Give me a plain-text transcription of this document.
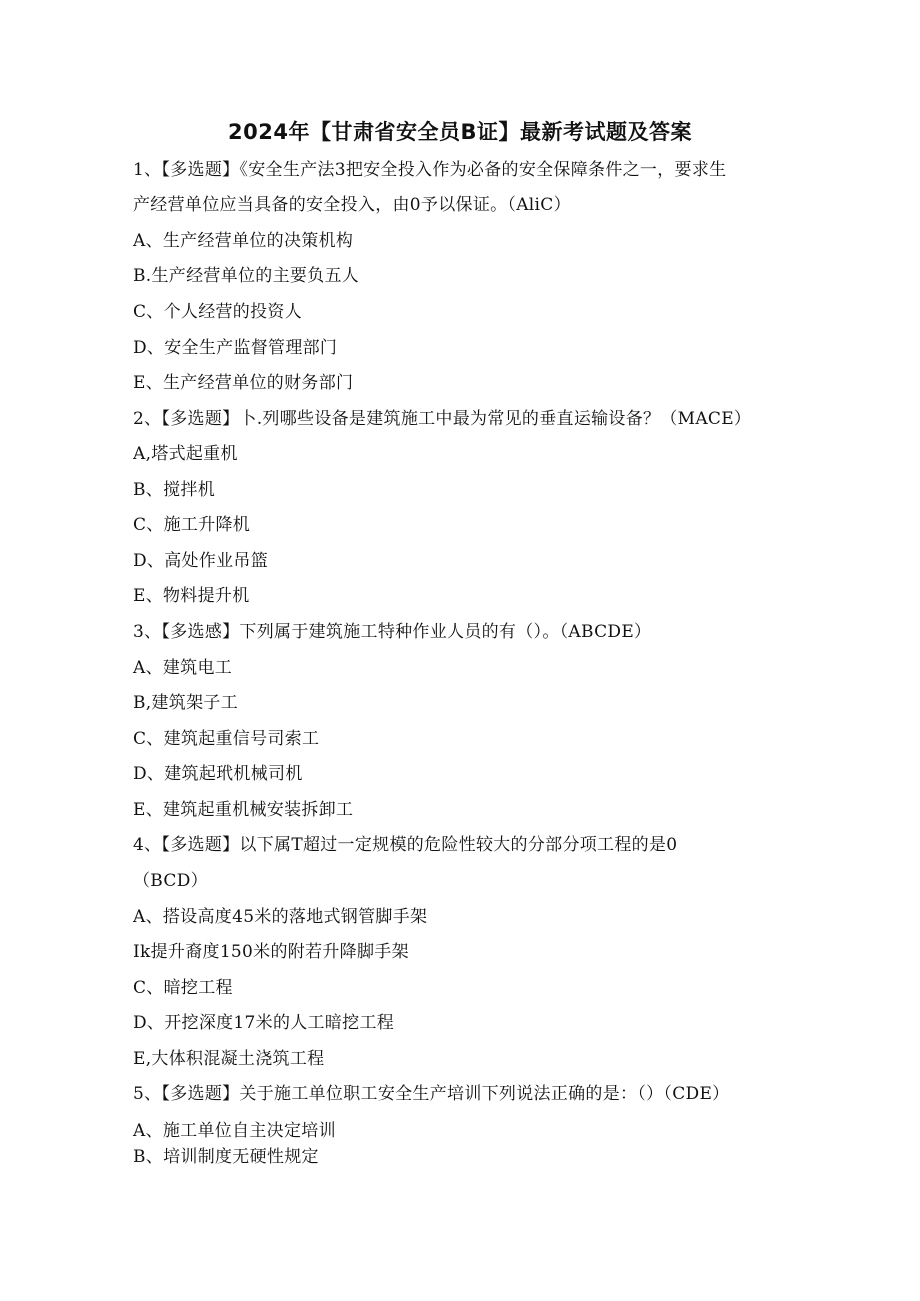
2024年【甘肃省安全员B证】最新考试题及答案
1、【多选题】《安全生产法3把安全投入作为必备的安全保障条件之一，要求生
产经营单位应当具备的安全投入，由0予以保证。（AliC）
A、生产经营单位的决策机构
B.生产经营单位的主要负五人
C、个人经营的投资人
D、安全生产监督管理部门
E、生产经营单位的财务部门
2、【多选题】卜.列哪些设备是建筑施工中最为常见的垂直运输设备？（MACE）
A,塔式起重机
B、搅拌机
C、施工升降机
D、高处作业吊篮
E、物料提升机
3、【多选感】下列属于建筑施工特种作业人员的有（）。（ABCDE）
A、建筑电工
B,建筑架子工
C、建筑起重信号司索工
D、建筑起玳机械司机
E、建筑起重机械安装拆卸工
4、【多选题】以下属T超过一定规模的危险性较大的分部分项工程的是0
（BCD）
A、搭设高度45米的落地式钢管脚手架
Ik提升裔度150米的附若升降脚手架
C、暗挖工程
D、开挖深度17米的人工暗挖工程
E,大体积混凝土浇筑工程
5、【多选题】关于施工单位职工安全生产培训下列说法正确的是：（）（CDE）
A、施工单位自主决定培训
B、培训制度无硬性规定
